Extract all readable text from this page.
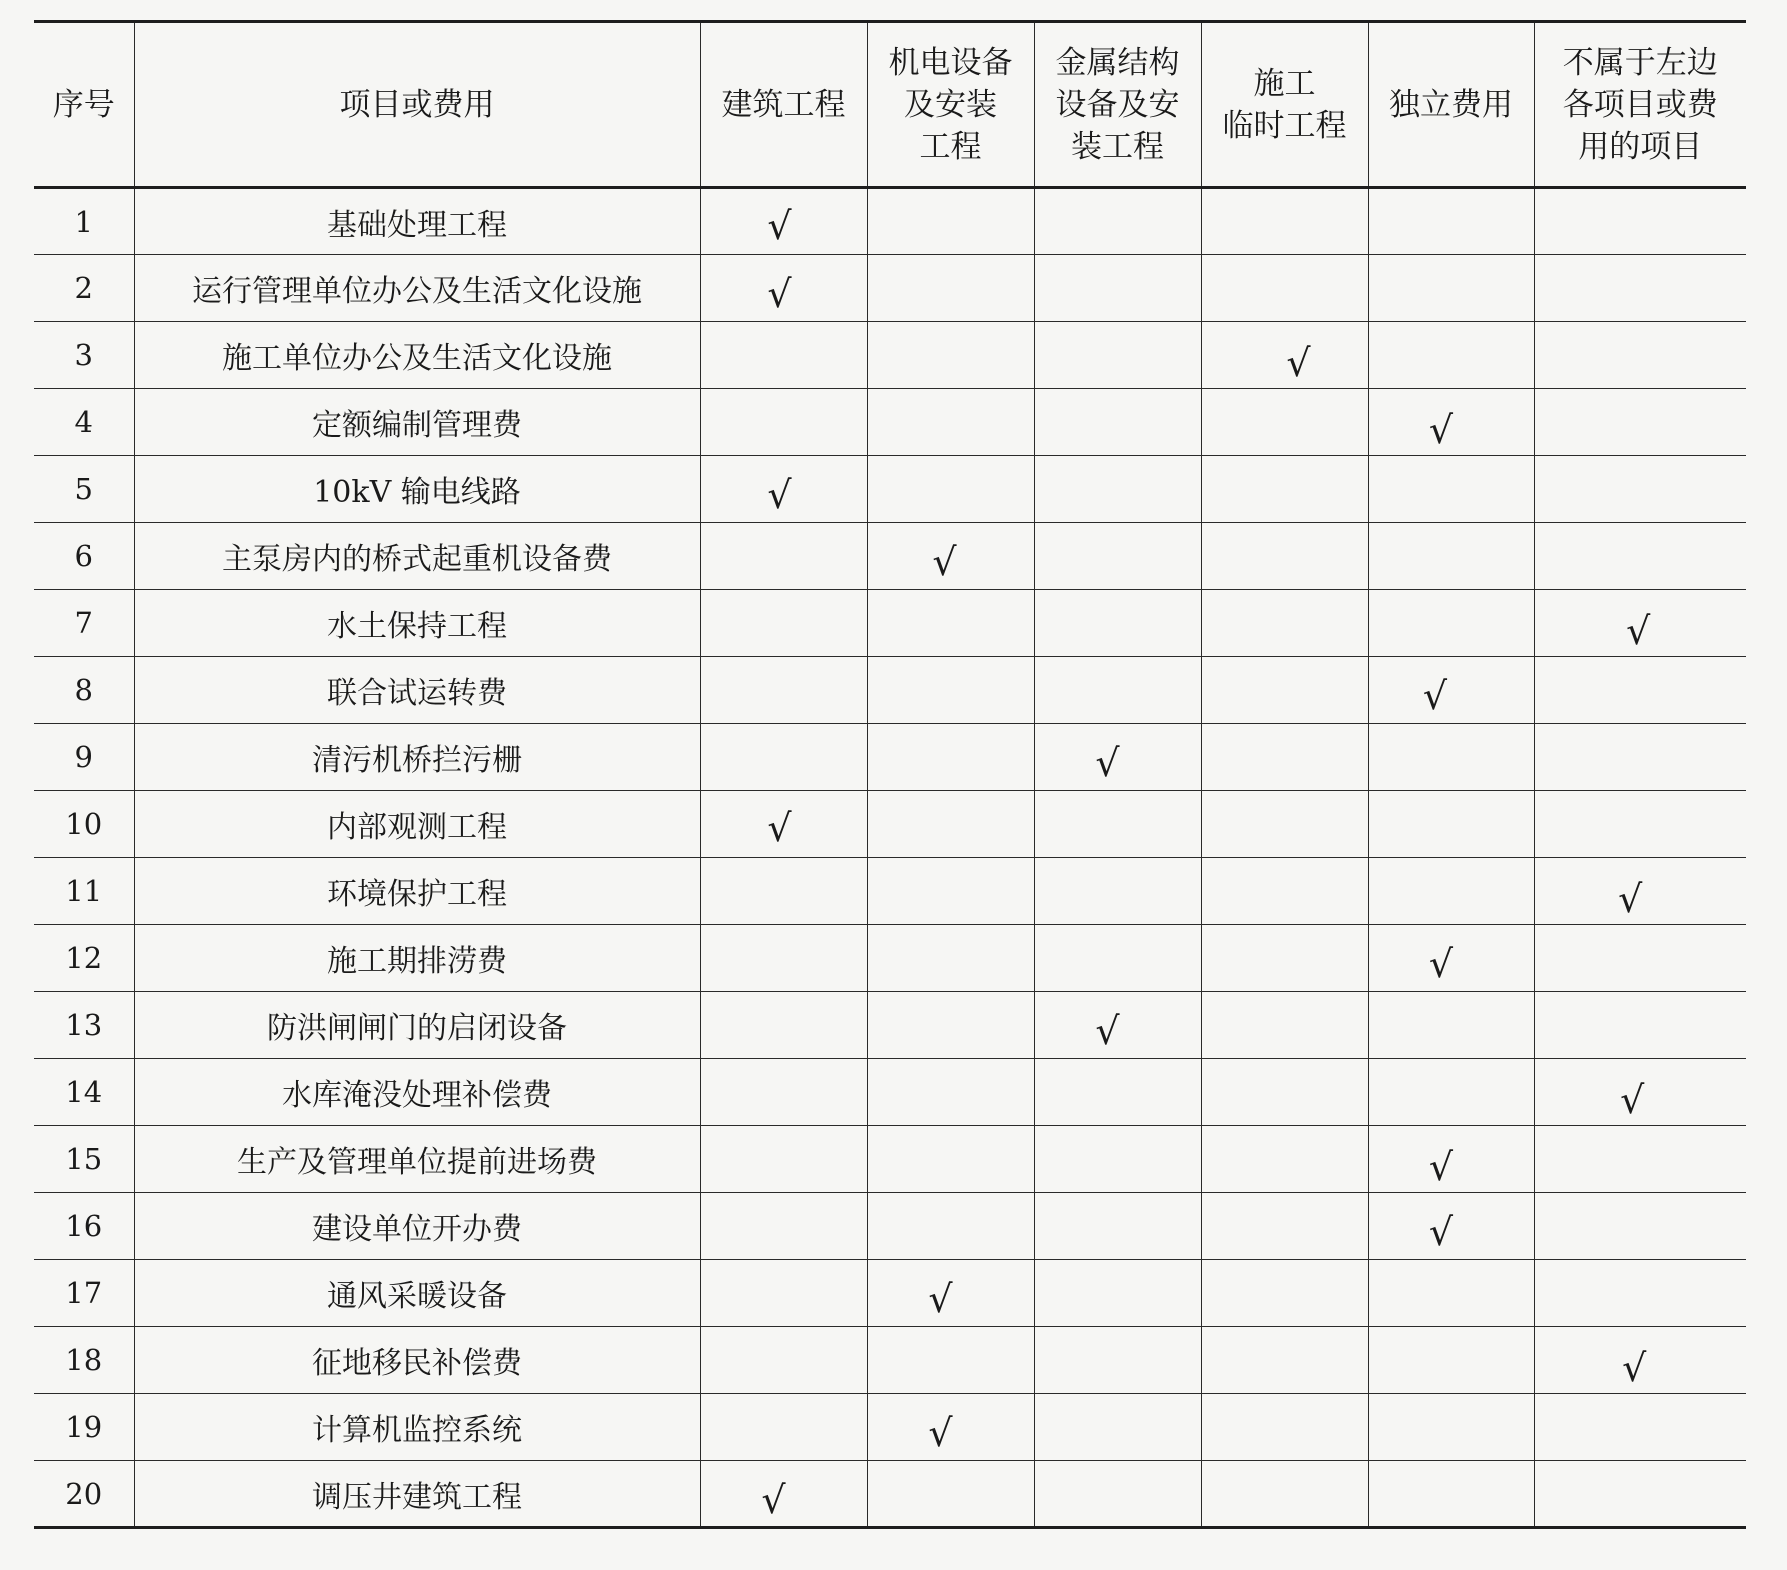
序号	项目或费用	建筑工程	机电设备
及安装
工程	金属结构
设备及安
装工程	施工
临时工程	独立费用	不属于左边
各项目或费
用的项目

1	基础处理工程	√					
2	运行管理单位办公及生活文化设施	√					
3	施工单位办公及生活文化设施				√		
4	定额编制管理费					√	
5	10kV 输电线路	√					
6	主泵房内的桥式起重机设备费		√				
7	水土保持工程						√
8	联合试运转费					√	
9	清污机桥拦污栅			√			
10	内部观测工程	√					
11	环境保护工程						√
12	施工期排涝费					√	
13	防洪闸闸门的启闭设备			√			
14	水库淹没处理补偿费						√
15	生产及管理单位提前进场费					√	
16	建设单位开办费					√	
17	通风采暖设备		√				
18	征地移民补偿费						√
19	计算机监控系统		√				
20	调压井建筑工程	√					
